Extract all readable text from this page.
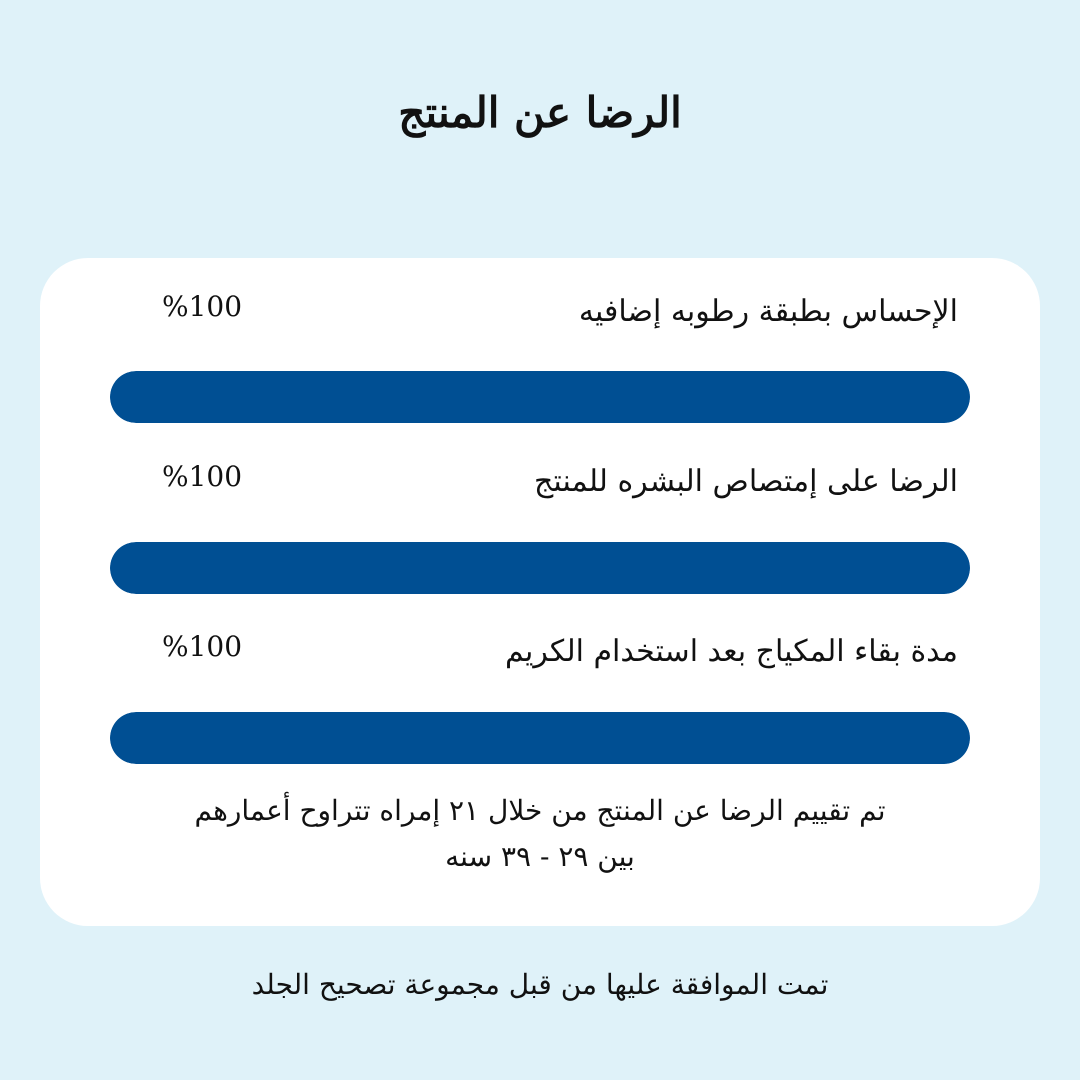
الرضا عن المنتج
الإحساس بطبقة رطوبه إضافيه
%100
الرضا على إمتصاص البشره للمنتج
%100
مدة بقاء المكياج بعد استخدام الكريم
%100
تم تقييم الرضا عن المنتج من خلال ٢١ إمراه تتراوح أعمارهم
بين ٢٩ - ٣٩ سنه
تمت الموافقة عليها من قبل مجموعة تصحيح الجلد
